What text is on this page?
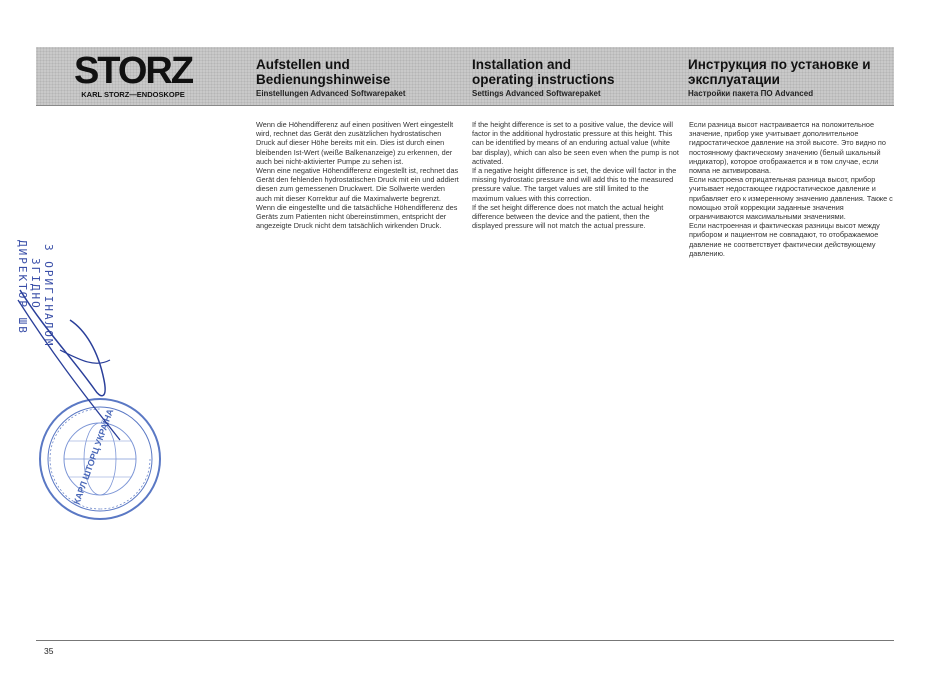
STORZ
KARL STORZ—ENDOSKOPE
Aufstellen und
Bedienungshinweise
Einstellungen Advanced Softwarepaket
Installation and
operating instructions
Settings Advanced Softwarepaket
Инструкция по установке и
эксплуатации
Настройки пакета ПО Advanced

Wenn die Höhendifferenz auf einen positiven Wert eingestellt wird, rechnet das Gerät den zusätzlichen hydrostatischen Druck auf dieser Höhe bereits mit ein. Dies ist durch einen bleibenden Ist-Wert (weiße Balkenanzeige) zu erkennen, der auch bei nicht-aktivierter Pumpe zu sehen ist.

Wenn eine negative Höhendifferenz eingestellt ist, rechnet das Gerät den fehlenden hydrostatischen Druck mit ein und addiert diesen zum gemessenen Druckwert. Die Sollwerte werden auch mit dieser Korrektur auf die Maximalwerte begrenzt.

Wenn die eingestellte und die tatsächliche Höhendifferenz des Geräts zum Patienten nicht übereinstimmen, entspricht der angezeigte Druck nicht dem tatsächlich wirkenden Druck.

If the height difference is set to a positive value, the device will factor in the additional hydrostatic pressure at this height. This can be identified by means of an enduring actual value (white bar display), which can also be seen even when the pump is not activated.

If a negative height difference is set, the device will factor in the missing hydrostatic pressure and will add this to the measured pressure value. The target values are still limited to the maximum values with this correction.

If the set height difference does not match the actual height difference between the device and the patient, then the displayed pressure will not match the actual pressure.

Если разница высот настраивается на положительное значение, прибор уже учитывает дополнительное гидростатическое давление на этой высоте. Это видно по постоянному фактическому значению (белый шкальный индикатор), которое отображается и в том случае, если помпа не активирована.

Если настроена отрицательная разница высот, прибор учитывает недостающее гидростатическое давление и прибавляет его к измеренному значению давления. Также с помощью этой коррекции заданные значения ограничиваются максимальными значениями.

Если настроенная и фактическая разницы высот между прибором и пациентом не совпадают, то отображаемое давление не соответствует фактически действующему давлению.

З ОРИГІНАЛОМ
ЗГІДНО
ДИРЕКТОР ШВ
КАРЛ ШТОРЦ УКРАЇНА
35
